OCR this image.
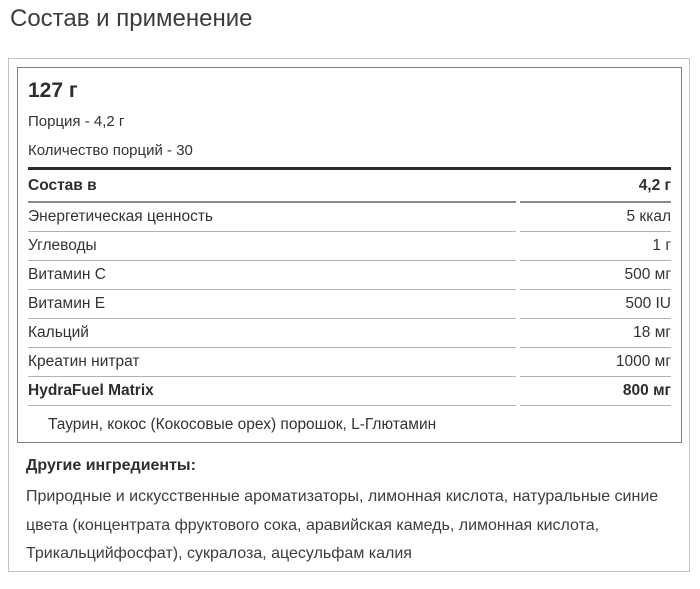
Состав и применение
127 г
Порция - 4,2 г
Количество порций - 30
Состав в	4,2 г
Энергетическая ценность	5 ккал
Углеводы	1 г
Витамин C	500 мг
Витамин E	500 IU
Кальций	18 мг
Креатин нитрат	1000 мг
HydraFuel Matrix	800 мг
Таурин, кокос (Кокосовые орех) порошок, L-Глютамин
Другие ингредиенты:
Природные и искусственные ароматизаторы, лимонная кислота, натуральные синие цвета (концентрата фруктового сока, аравийская камедь, лимонная кислота, Трикальцийфосфат), сукралоза, ацесульфам калия
